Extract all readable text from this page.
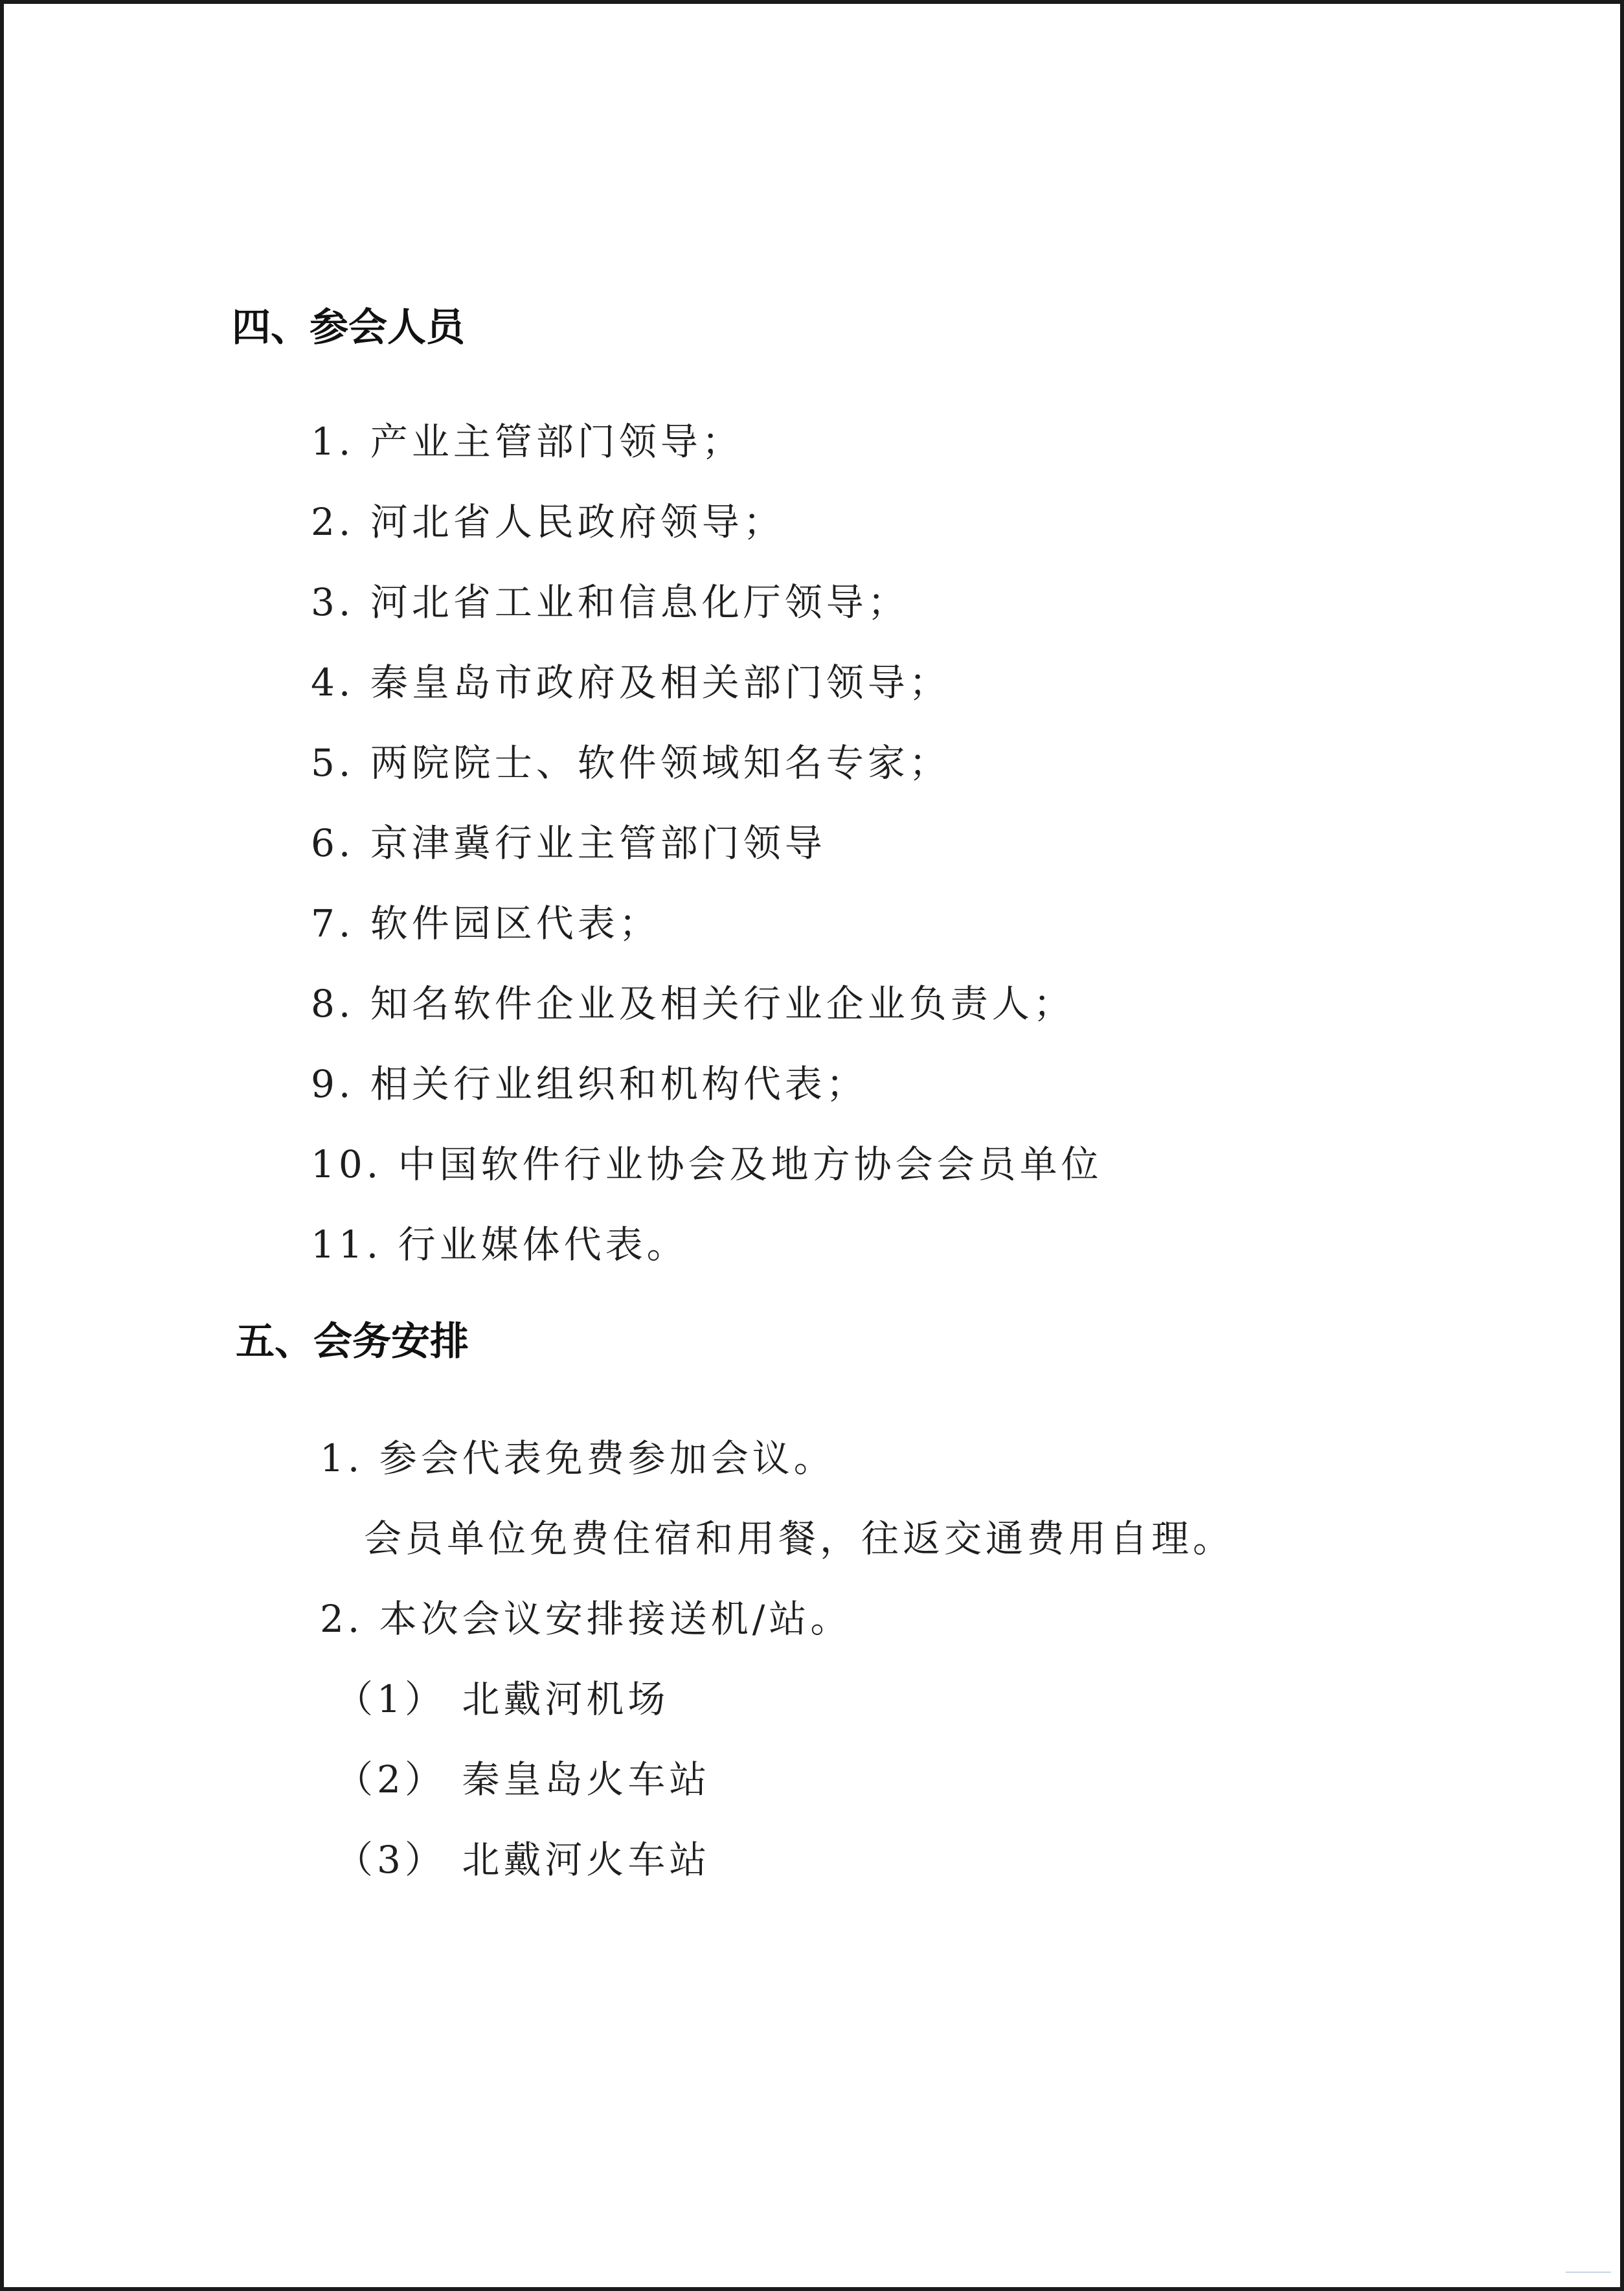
四、参会人员

1. 产业主管部门领导；

2. 河北省人民政府领导；

3. 河北省工业和信息化厅领导；

4. 秦皇岛市政府及相关部门领导；

5. 两院院士、软件领域知名专家；

6. 京津冀行业主管部门领导

7. 软件园区代表；

8. 知名软件企业及相关行业企业负责人；

9. 相关行业组织和机构代表；

10. 中国软件行业协会及地方协会会员单位

11. 行业媒体代表。

五、会务安排

1. 参会代表免费参加会议。

会员单位免费住宿和用餐，往返交通费用自理。

2. 本次会议安排接送机/站。

（1） 北戴河机场

（2） 秦皇岛火车站

（3） 北戴河火车站
